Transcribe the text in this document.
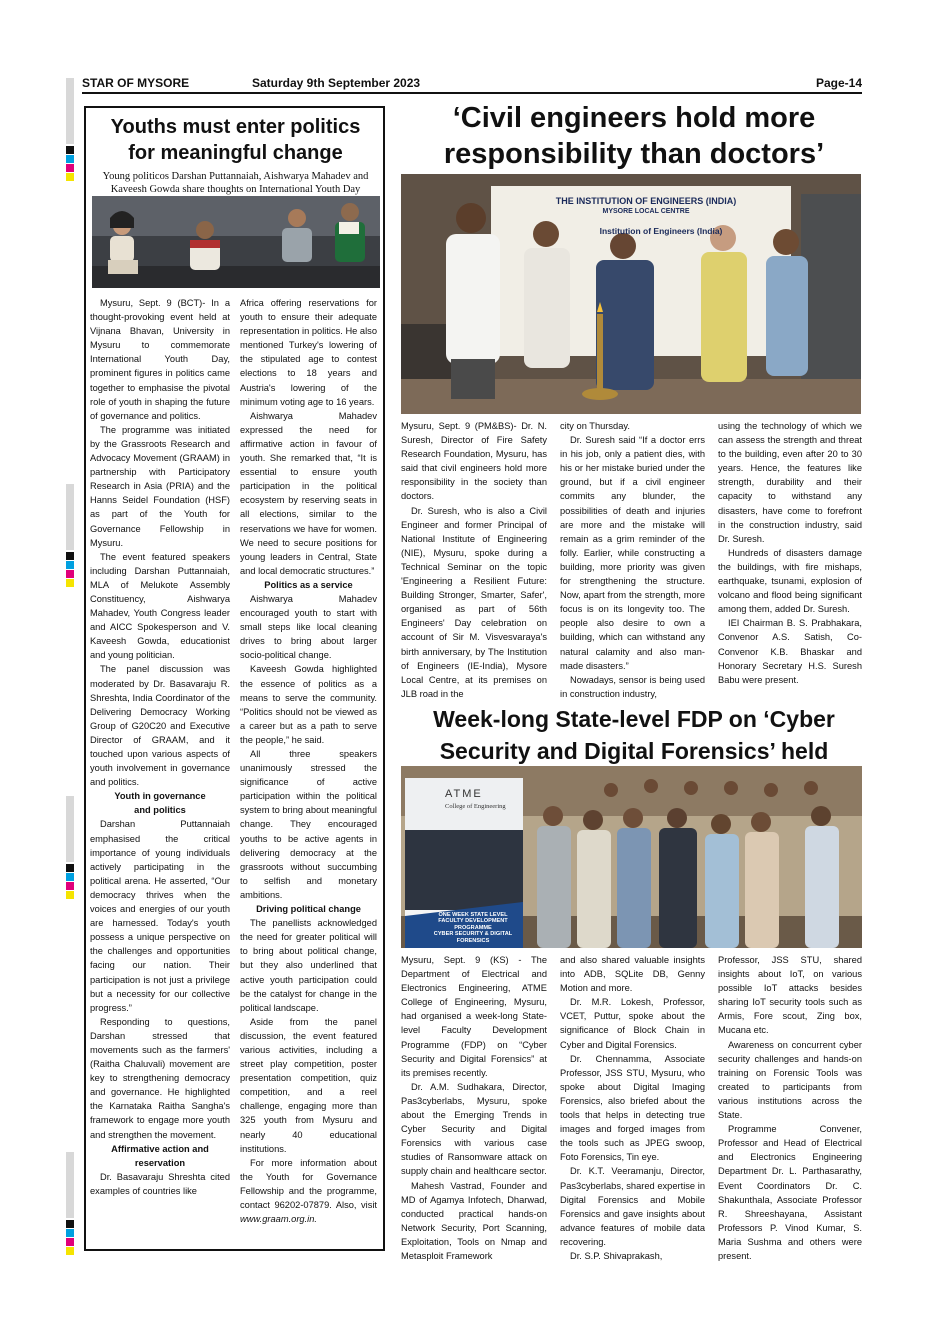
STAR OF MYSORE	Saturday 9th September 2023	Page-14
Youths must enter politics
for meaningful change
Young politicos Darshan Puttannaiah, Aishwarya Mahadev and
Kaveesh Gowda share thoughts on International Youth Day

Mysuru, Sept. 9 (BCT)- In a thought-provoking event held at Vijnana Bhavan, University in Mysuru to commemorate International Youth Day, prominent figures in politics came together to emphasise the pivotal role of youth in shaping the future of governance and politics.

The programme was initiated by the Grassroots Research and Advocacy Movement (GRAAM) in partnership with Participatory Research in Asia (PRIA) and the Hanns Seidel Foundation (HSF) as part of the Youth for Governance Fellowship in Mysuru.

The event featured speakers including Darshan Puttannaiah, MLA of Melukote Assembly Constituency, Aishwarya Mahadev, Youth Congress leader and AICC Spokesperson and V. Kaveesh Gowda, educationist and young politician.

The panel discussion was moderated by Dr. Basavaraju R. Shreshta, India Coordinator of the Delivering Democracy Working Group of G20C20 and Executive Director of GRAAM, and it touched upon various aspects of youth involvement in governance and politics.

Youth in governance
and politics

Darshan Puttannaiah emphasised the critical importance of young individuals actively participating in the political arena. He asserted, “Our democracy thrives when the voices and energies of our youth are harnessed. Today's youth possess a unique perspective on the challenges and opportunities facing our nation. Their participation is not just a privilege but a necessity for our collective progress.”

Responding to questions, Darshan stressed that movements such as the farmers' (Raitha Chaluvali) movement are key to strengthening democracy and governance. He highlighted the Karnataka Raitha Sangha's framework to engage more youth and strengthen the movement.

Affirmative action and
reservation

Dr. Basavaraju Shreshta cited examples of countries like

Africa offering reservations for youth to ensure their adequate representation in politics. He also mentioned Turkey's lowering of the stipulated age to contest elections to 18 years and Austria's lowering of the minimum voting age to 16 years.

Aishwarya Mahadev expressed the need for affirmative action in favour of youth. She remarked that, “It is essential to ensure youth participation in the political ecosystem by reserving seats in all elections, similar to the reservations we have for women. We need to secure positions for young leaders in Central, State and local democratic structures.”

Politics as a service

Aishwarya Mahadev encouraged youth to start with small steps like local cleaning drives to bring about larger socio-political change.

Kaveesh Gowda highlighted the essence of politics as a means to serve the community. “Politics should not be viewed as a career but as a path to serve the people,” he said.

All three speakers unanimously stressed the significance of active participation within the political system to bring about meaningful change. They encouraged youths to be active agents in delivering democracy at the grassroots without succumbing to selfish and monetary ambitions.

Driving political change

The panellists acknowledged the need for greater political will to bring about political change, but they also underlined that active youth participation could be the catalyst for change in the political landscape.

Aside from the panel discussion, the event featured various activities, including a street play competition, poster presentation competition, quiz competition, and a reel challenge, engaging more than 325 youth from Mysuru and nearly 40 educational institutions.

For more information about the Youth for Governance Fellowship and the programme, contact 96202-07879. Also, visit www.graam.org.in.

‘Civil engineers hold more
responsibility than doctors’
THE INSTITUTION OF ENGINEERS (INDIA)
MYSORE LOCAL CENTRE
Institution of Engineers (India)

Mysuru, Sept. 9 (PM&BS)- Dr. N. Suresh, Director of Fire Safety Research Foundation, Mysuru, has said that civil engineers hold more responsibility in the society than doctors.

Dr. Suresh, who is also a Civil Engineer and former Principal of National Institute of Engineering (NIE), Mysuru, spoke during a Technical Seminar on the topic 'Engineering a Resilient Future: Building Stronger, Smarter, Safer', organised as part of 56th Engineers' Day celebration on account of Sir M. Visvesvaraya's birth anniversary, by The Institution of Engineers (IE-India), Mysore Local Centre, at its premises on JLB road in the

city on Thursday.

Dr. Suresh said “If a doctor errs in his job, only a patient dies, with his or her mistake buried under the ground, but if a civil engineer commits any blunder, the possibilities of death and injuries are more and the mistake will remain as a grim reminder of the folly. Earlier, while constructing a building, more priority was given for strengthening the structure. Now, apart from the strength, more focus is on its longevity too. The people also desire to own a building, which can withstand any natural calamity and also man-made disasters.”

Nowadays, sensor is being used in construction industry,

using the technology of which we can assess the strength and threat to the building, even after 20 to 30 years. Hence, the features like strength, durability and their capacity to withstand any disasters, have come to forefront in the construction industry, said Dr. Suresh.

Hundreds of disasters damage the buildings, with fire mishaps, earthquake, tsunami, explosion of volcano and flood being significant among them, added Dr. Suresh.

IEI Chairman B. S. Prabhakara, Convenor A.S. Satish, Co-Convenor K.B. Bhaskar and Honorary Secretary H.S. Suresh Babu were present.

Week-long State-level FDP on ‘Cyber
Security and Digital Forensics’ held
ATME
College of Engineering
ONE WEEK STATE LEVEL
FACULTY DEVELOPMENT
PROGRAMME
CYBER SECURITY & DIGITAL
FORENSICS

Mysuru, Sept. 9 (KS) - The Department of Electrical and Electronics Engineering, ATME College of Engineering, Mysuru, had organised a week-long State-level Faculty Development Programme (FDP) on “Cyber Security and Digital Forensics” at its premises recently.

Dr. A.M. Sudhakara, Director, Pas3cyberlabs, Mysuru, spoke about the Emerging Trends in Cyber Security and Digital Forensics with various case studies of Ransomware attack on supply chain and healthcare sector.

Mahesh Vastrad, Founder and MD of Agamya Infotech, Dharwad, conducted practical hands-on Network Security, Port Scanning, Exploitation, Tools on Nmap and Metasploit Framework

and also shared valuable insights into ADB, SQLite DB, Genny Motion and more.

Dr. M.R. Lokesh, Professor, VCET, Puttur, spoke about the significance of Block Chain in Cyber and Digital Forensics.

Dr. Chennamma, Associate Professor, JSS STU, Mysuru, who spoke about Digital Imaging Forensics, also briefed about the tools that helps in detecting true images and forged images from the tools such as JPEG swoop, Foto Forensics, Tin eye.

Dr. K.T. Veeramanju, Director, Pas3cyberlabs, shared expertise in Digital Forensics and Mobile Forensics and gave insights about advance features of mobile data recovering.

Dr. S.P. Shivaprakash,

Professor, JSS STU, shared insights about IoT, on various possible IoT attacks besides sharing IoT security tools such as Armis, Fore scout, Zing box, Mucana etc.

Awareness on concurrent cyber security challenges and hands-on training on Forensic Tools was created to participants from various institutions across the State.

Programme Convener, Professor and Head of Electrical and Electronics Engineering Department Dr. L. Parthasarathy, Event Coordinators Dr. C. Shakunthala, Associate Professor R. Shreeshayana, Assistant Professors P. Vinod Kumar, S. Maria Sushma and others were present.
